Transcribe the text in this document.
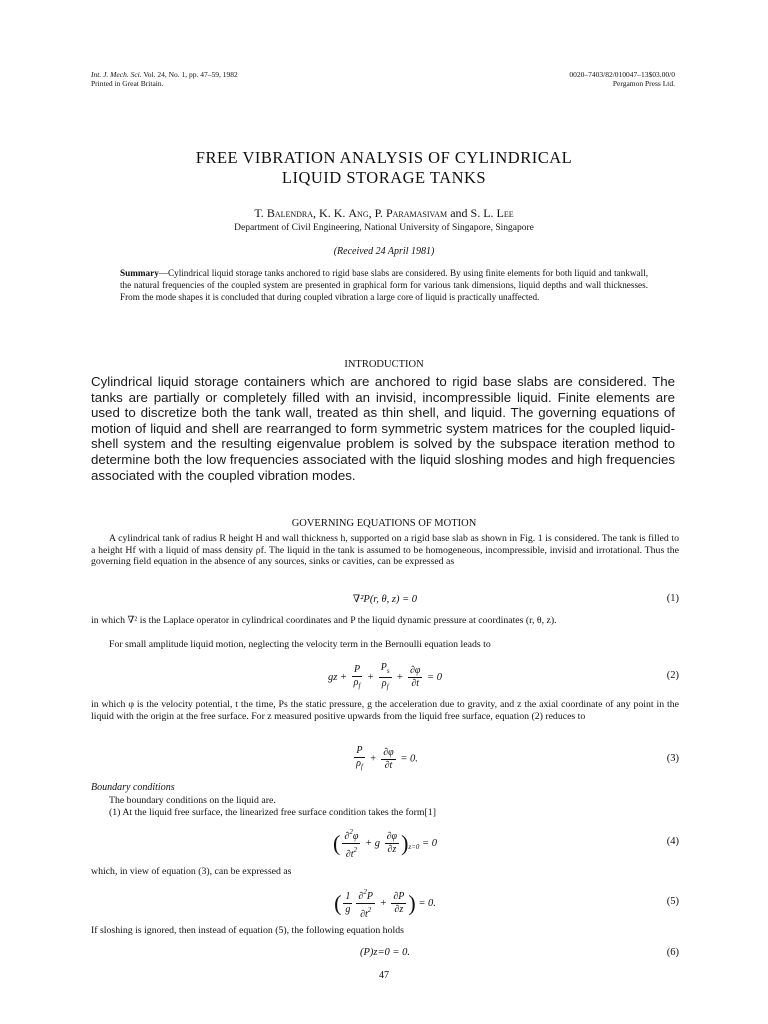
Int. J. Mech. Sci. Vol. 24, No. 1, pp. 47–59, 1982
Printed in Great Britain.
0020–7403/82/010047–13$03.00/0
Pergamon Press Ltd.
FREE VIBRATION ANALYSIS OF CYLINDRICAL
LIQUID STORAGE TANKS
T. Balendra, K. K. Ang, P. Paramasivam and S. L. Lee
Department of Civil Engineering, National University of Singapore, Singapore
(Received 24 April 1981)
Summary—Cylindrical liquid storage tanks anchored to rigid base slabs are considered. By using finite elements for both liquid and tankwall, the natural frequencies of the coupled system are presented in graphical form for various tank dimensions, liquid depths and wall thicknesses. From the mode shapes it is concluded that during coupled vibration a large core of liquid is practically unaffected.
INTRODUCTION
Cylindrical liquid storage containers which are anchored to rigid base slabs are considered. The tanks are partially or completely filled with an invisid, incompressible liquid. Finite elements are used to discretize both the tank wall, treated as thin shell, and liquid. The governing equations of motion of liquid and shell are rearranged to form symmetric system matrices for the coupled liquid-shell system and the resulting eigenvalue problem is solved by the subspace iteration method to determine both the low frequencies associated with the liquid sloshing modes and high frequencies associated with the coupled vibration modes.
GOVERNING EQUATIONS OF MOTION
A cylindrical tank of radius R height H and wall thickness h, supported on a rigid base slab as shown in Fig. 1 is considered. The tank is filled to a height Hf with a liquid of mass density ρf. The liquid in the tank is assumed to be homogeneous, incompressible, invisid and irrotational. Thus the governing field equation in the absence of any sources, sinks or cavities, can be expressed as
∇²P(r, θ, z) = 0	(1)
in which ∇² is the Laplace operator in cylindrical coordinates and P the liquid dynamic pressure at coordinates (r, θ, z).
For small amplitude liquid motion, neglecting the velocity term in the Bernoulli equation leads to
gz + $\frac{P}{\rho_f} + \frac{P_s}{\rho_f} + \frac{\partial\varphi}{\partial t} = 0$	(2)
in which φ is the velocity potential, t the time, Ps the static pressure, g the acceleration due to gravity, and z the axial coordinate of any point in the liquid with the origin at the free surface. For z measured positive upwards from the liquid free surface, equation (2) reduces to
$\frac{P}{\rho_f} + \frac{\partial\varphi}{\partial t} = 0$.	(3)
Boundary conditions
The boundary conditions on the liquid are.
(1) At the liquid free surface, the linearized free surface condition takes the form[1]
( $\frac{\partial^2\varphi}{\partial t^2} + g \frac{\partial\varphi}{\partial z} )_{z=0} = 0$	(4)
which, in view of equation (3), can be expressed as
( $\frac{1}{g} \frac{\partial^2P}{\partial t^2} + \frac{\partial P}{\partial z}$ ) = 0.	(5)
If sloshing is ignored, then instead of equation (5), the following equation holds
(P)z=0 = 0.	(6)
47
